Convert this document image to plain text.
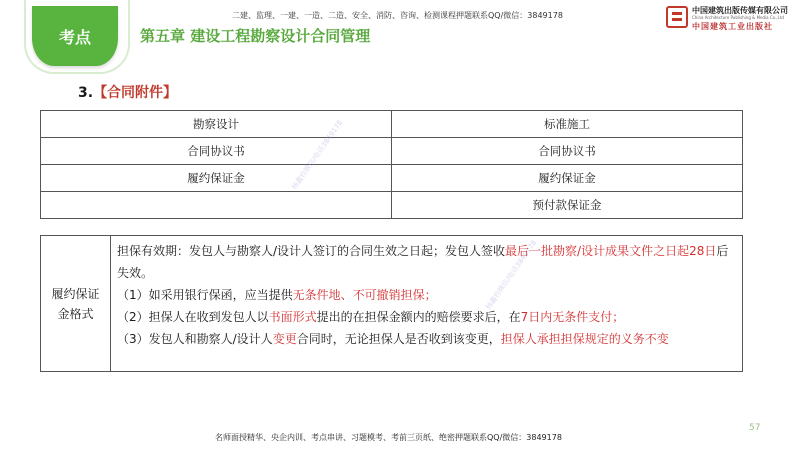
考点
二建、监理、一建、一造、二造、安全、消防、咨询、检测课程押题联系QQ/微信：3849178
第五章 建设工程勘察设计合同管理
中国建筑出版传媒有限公司
China Architecture Publishing & Media Co.,Ltd
中国建筑工业出版社
3.【合同附件】
勘察设计	标准施工
合同协议书	合同协议书
履约保证金	履约保证金
	预付款保证金
履约保证金格式

担保有效期：发包人与勘察人/设计人签订的合同生效之日起；发包人签收最后一批勘察/设计成果文件之日起28日后失效。

（1）如采用银行保函，应当提供无条件地、不可撤销担保；

（2）担保人在收到发包人以书面形式提出的在担保金额内的赔偿要求后，在7日内无条件支付；

（3）发包人和勘察人/设计人变更合同时，无论担保人是否收到该变更，担保人承担担保规定的义务不变

杨鑫钧微信/电话3849178
杨鑫钧微信/电话3849178
名师面授精华、央企内训、考点串讲、习题模考、考前三页纸、绝密押题联系QQ/微信：3849178
57
